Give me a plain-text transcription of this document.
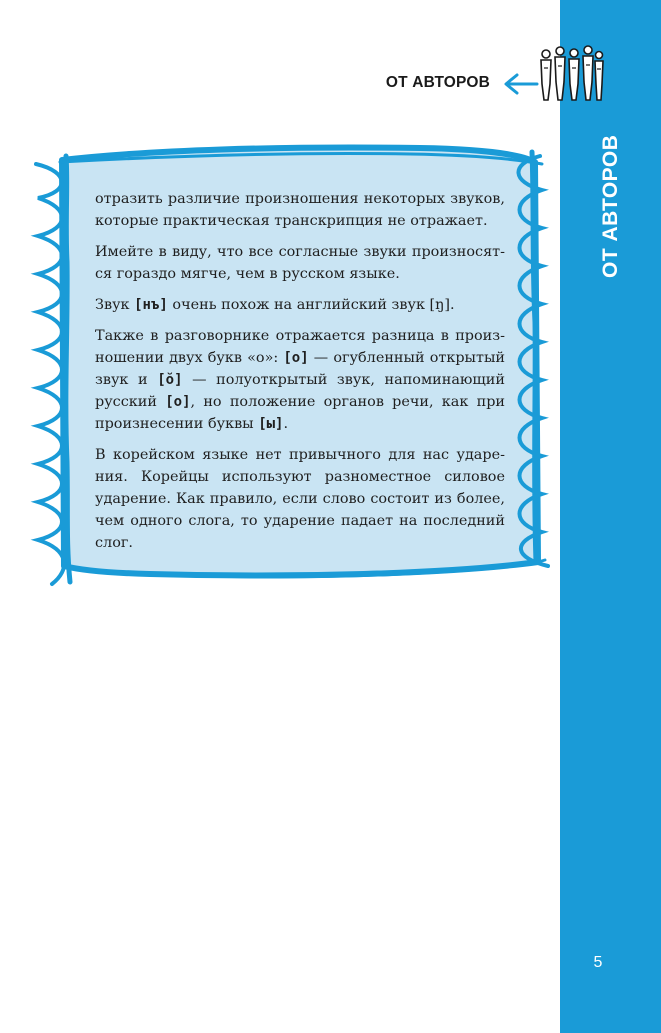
ОТ АВТОРОВ
ОТ АВТОРОВ

отразить различие произношения некоторых звуков, которые практическая транскрипция не отражает.

Имейте в виду, что все согласные звуки произносятся гораздо мягче, чем в русском языке.

Звук [нъ] очень похож на английский звук [ŋ].

Также в разговорнике отражается разница в произношении двух букв «о»: [о] — огубленный открытый звук и [ŏ] — полуоткрытый звук, напоминающий русский [о], но положение органов речи, как при произнесении буквы [ы].

В корейском языке нет привычного для нас ударения. Корейцы используют разноместное силовое ударение. Как правило, если слово состоит из более, чем одного слога, то ударение падает на последний слог.

5
